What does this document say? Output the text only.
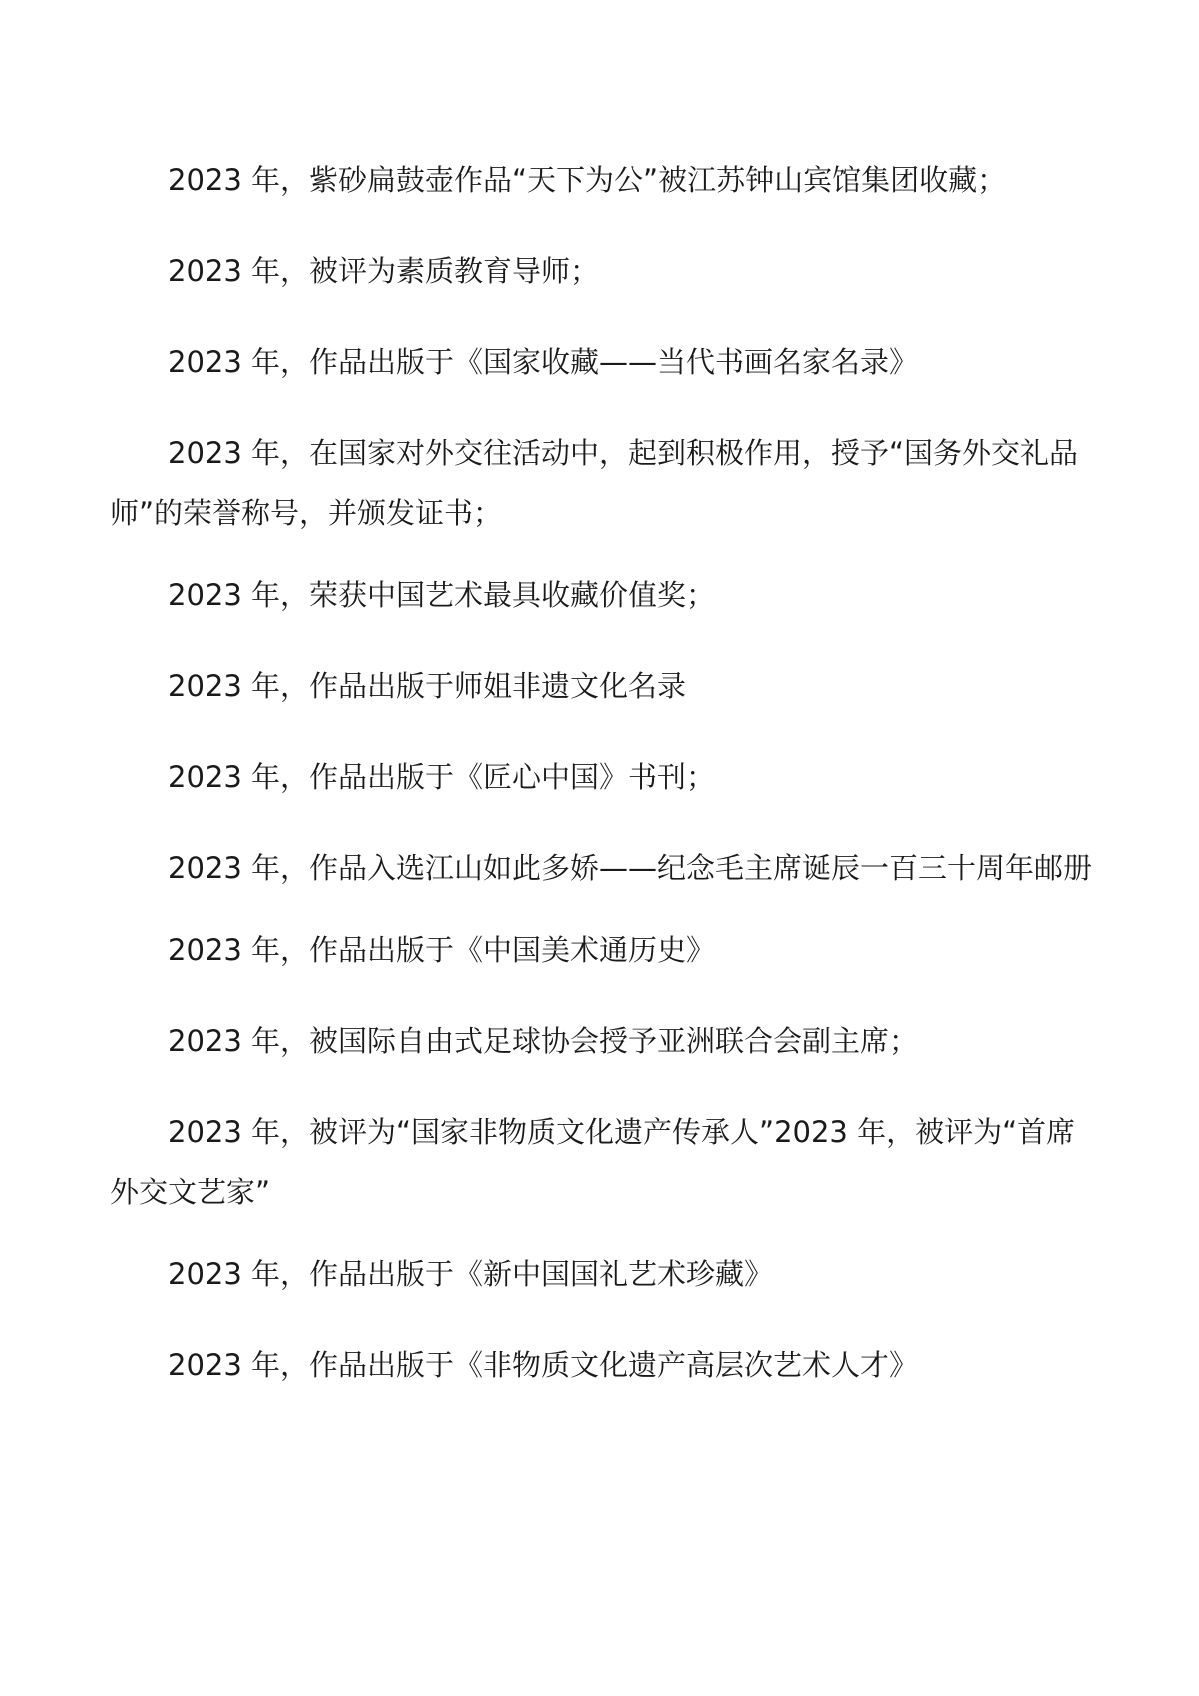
2023 年，紫砂扁鼓壶作品“天下为公”被江苏钟山宾馆集团收藏；

2023 年，被评为素质教育导师；

2023 年，作品出版于《国家收藏——当代书画名家名录》

2023 年，在国家对外交往活动中，起到积极作用，授予“国务外交礼品师”的荣誉称号，并颁发证书；

2023 年，荣获中国艺术最具收藏价值奖；

2023 年，作品出版于师姐非遗文化名录

2023 年，作品出版于《匠心中国》书刊；

2023 年，作品入选江山如此多娇——纪念毛主席诞辰一百三十周年邮册

2023 年，作品出版于《中国美术通历史》

2023 年，被国际自由式足球协会授予亚洲联合会副主席；

2023 年，被评为“国家非物质文化遗产传承人”2023 年，被评为“首席外交文艺家”

2023 年，作品出版于《新中国国礼艺术珍藏》

2023 年，作品出版于《非物质文化遗产高层次艺术人才》
